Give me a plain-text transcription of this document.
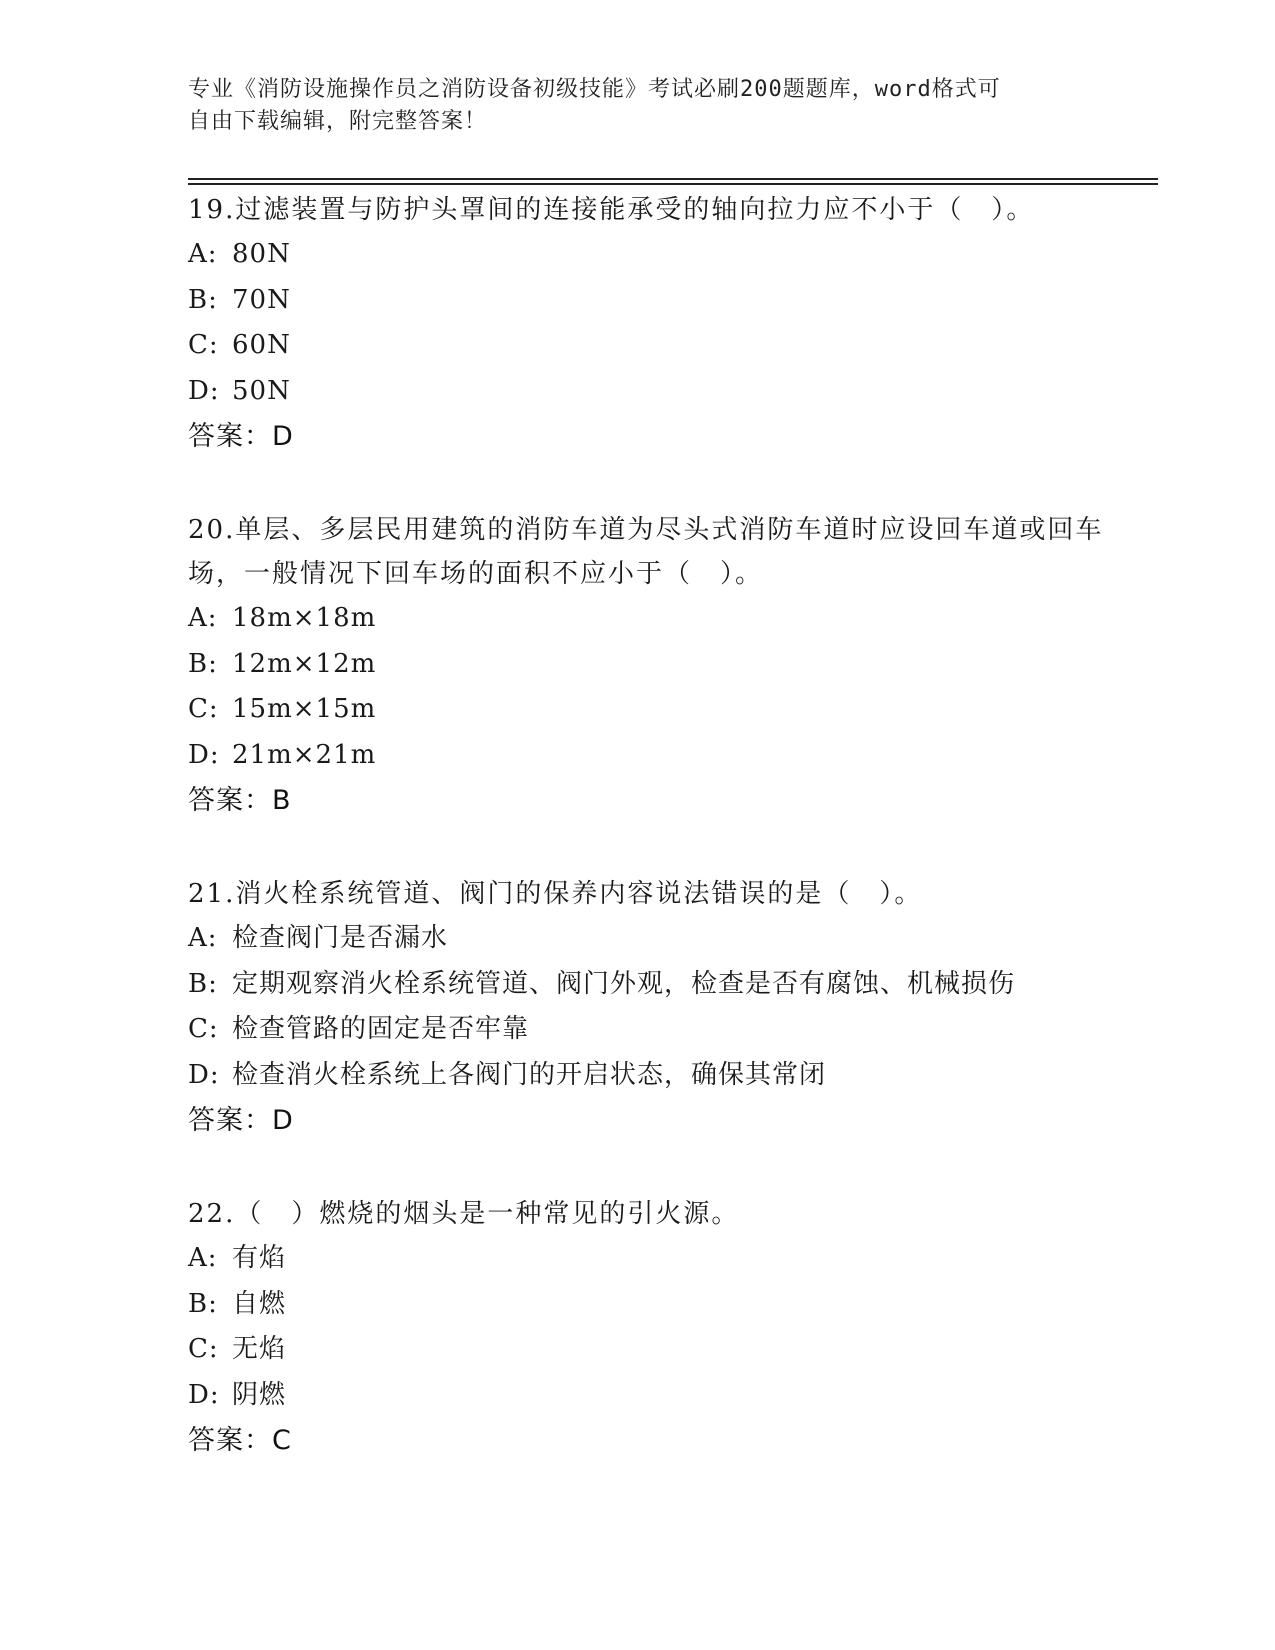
专业《消防设施操作员之消防设备初级技能》考试必刷200题题库，word格式可
自由下载编辑，附完整答案！

19.过滤装置与防护头罩间的连接能承受的轴向拉力应不小于（　）。

A: 80N
B: 70N
C: 60N
D: 50N
答案：D

20.单层、多层民用建筑的消防车道为尽头式消防车道时应设回车道或回车场，一般情况下回车场的面积不应小于（　）。

A: 18m×18m
B: 12m×12m
C: 15m×15m
D: 21m×21m
答案：B

21.消火栓系统管道、阀门的保养内容说法错误的是（　）。

A: 检查阀门是否漏水
B: 定期观察消火栓系统管道、阀门外观，检查是否有腐蚀、机械损伤
C: 检查管路的固定是否牢靠
D: 检查消火栓系统上各阀门的开启状态，确保其常闭
答案：D

22.（　）燃烧的烟头是一种常见的引火源。

A: 有焰
B: 自燃
C: 无焰
D: 阴燃
答案：C
